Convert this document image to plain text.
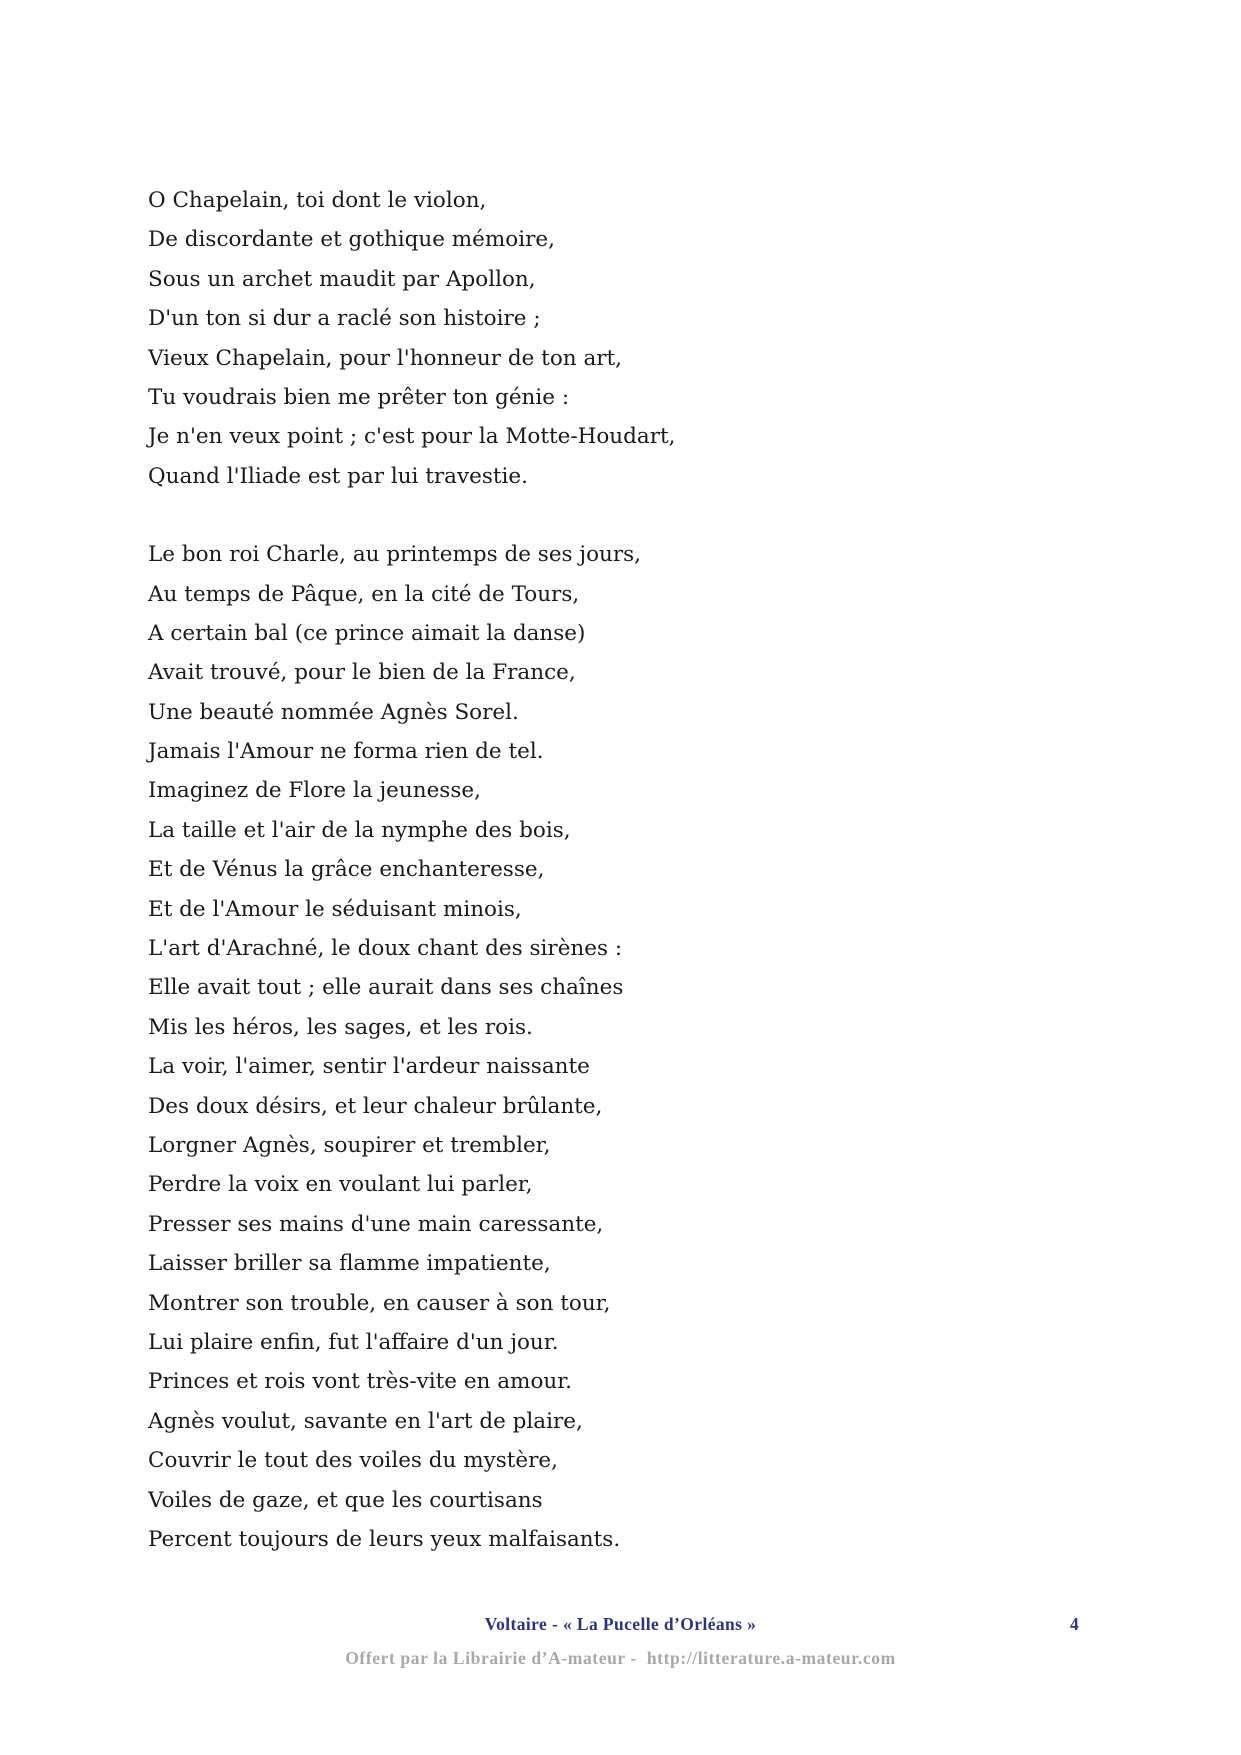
O Chapelain, toi dont le violon,
De discordante et gothique mémoire,
Sous un archet maudit par Apollon,
D'un ton si dur a raclé son histoire ;
Vieux Chapelain, pour l'honneur de ton art,
Tu voudrais bien me prêter ton génie :
Je n'en veux point ; c'est pour la Motte-Houdart,
Quand l'Iliade est par lui travestie.
Le bon roi Charle, au printemps de ses jours,
Au temps de Pâque, en la cité de Tours,
A certain bal (ce prince aimait la danse)
Avait trouvé, pour le bien de la France,
Une beauté nommée Agnès Sorel.
Jamais l'Amour ne forma rien de tel.
Imaginez de Flore la jeunesse,
La taille et l'air de la nymphe des bois,
Et de Vénus la grâce enchanteresse,
Et de l'Amour le séduisant minois,
L'art d'Arachné, le doux chant des sirènes :
Elle avait tout ; elle aurait dans ses chaînes
Mis les héros, les sages, et les rois.
La voir, l'aimer, sentir l'ardeur naissante
Des doux désirs, et leur chaleur brûlante,
Lorgner Agnès, soupirer et trembler,
Perdre la voix en voulant lui parler,
Presser ses mains d'une main caressante,
Laisser briller sa flamme impatiente,
Montrer son trouble, en causer à son tour,
Lui plaire enfin, fut l'affaire d'un jour.
Princes et rois vont très-vite en amour.
Agnès voulut, savante en l'art de plaire,
Couvrir le tout des voiles du mystère,
Voiles de gaze, et que les courtisans
Percent toujours de leurs yeux malfaisants.
Voltaire - « La Pucelle d’Orléans »	4
Offert par la Librairie d’A-mateur -  http://litterature.a-mateur.com
